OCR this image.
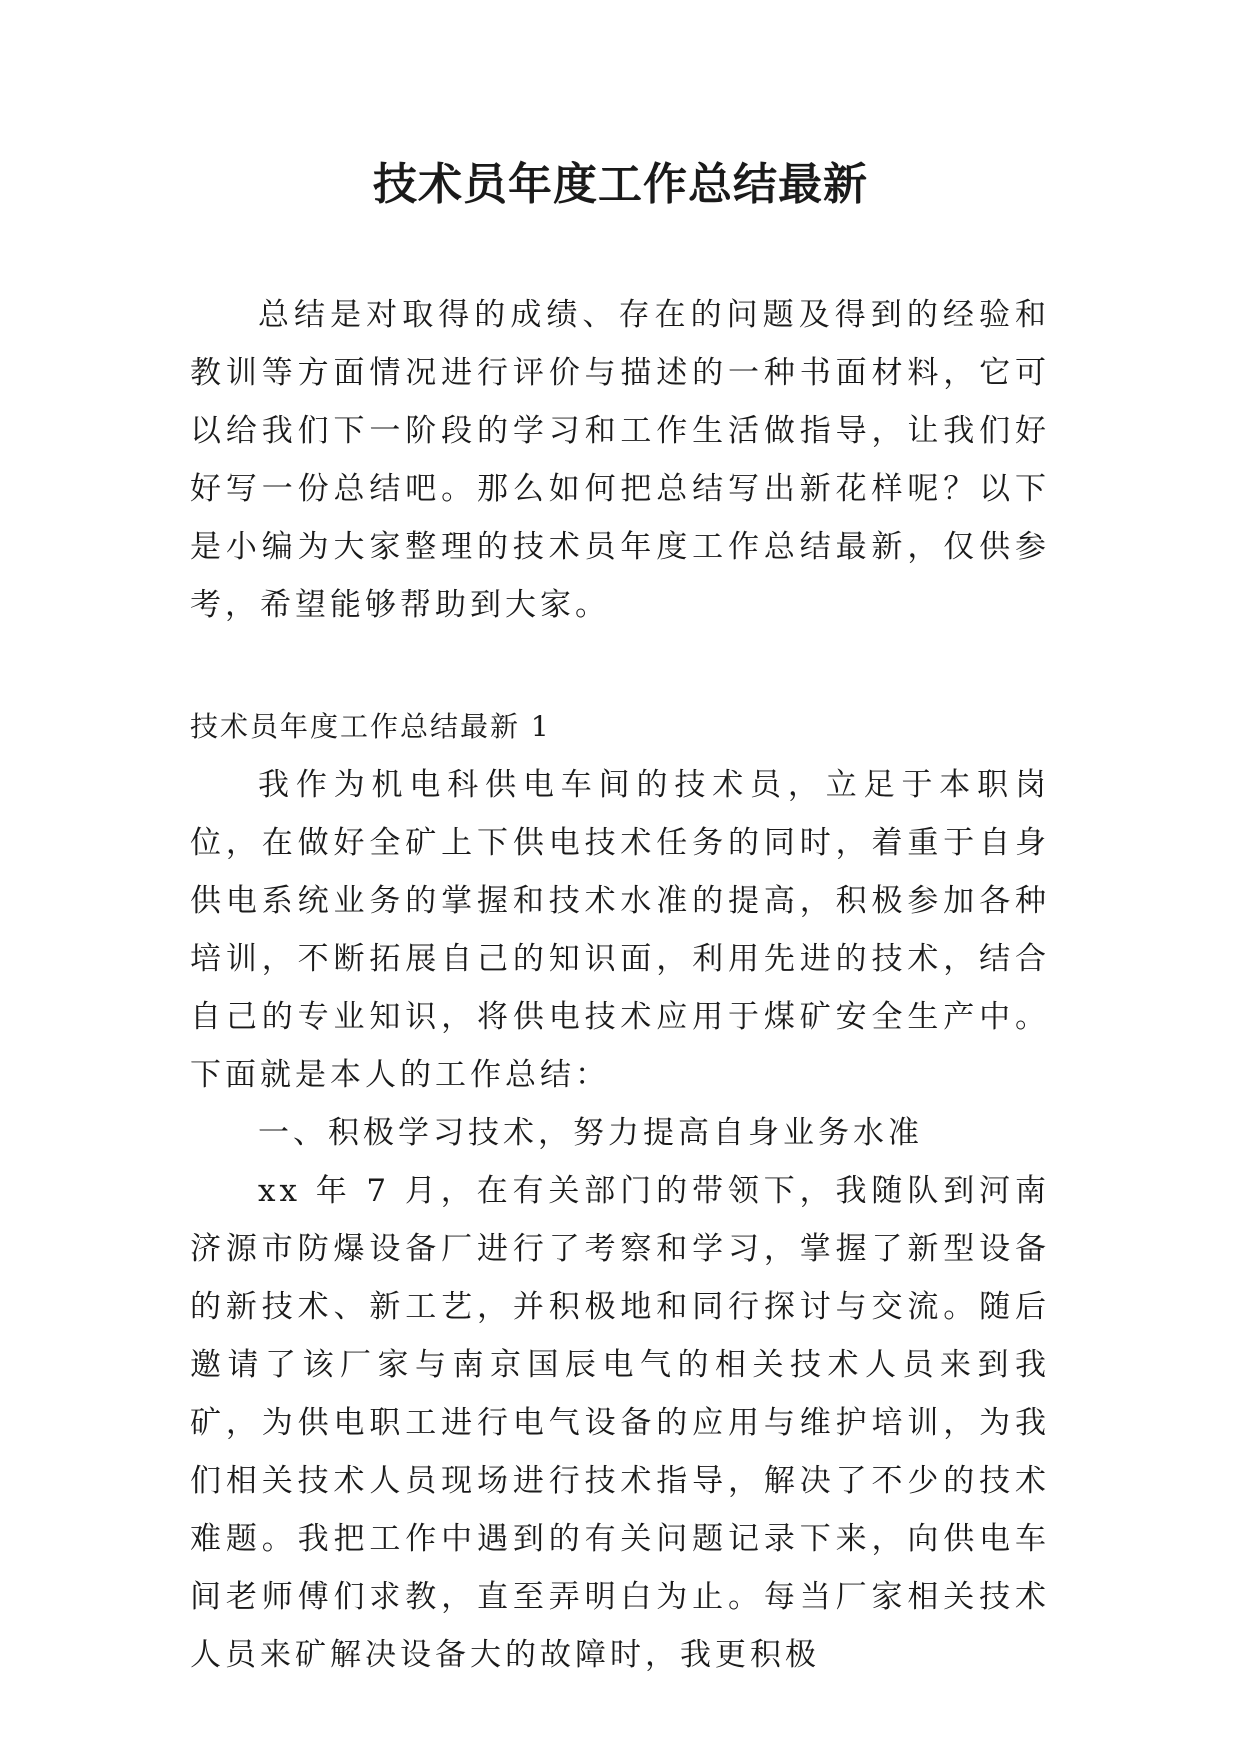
技术员年度工作总结最新

总结是对取得的成绩、存在的问题及得到的经验和教训等方面情况进行评价与描述的一种书面材料，它可以给我们下一阶段的学习和工作生活做指导，让我们好好写一份总结吧。那么如何把总结写出新花样呢？以下是小编为大家整理的技术员年度工作总结最新，仅供参考，希望能够帮助到大家。

技术员年度工作总结最新 1

我作为机电科供电车间的技术员，立足于本职岗位，在做好全矿上下供电技术任务的同时，着重于自身供电系统业务的掌握和技术水准的提高，积极参加各种培训，不断拓展自己的知识面，利用先进的技术，结合自己的专业知识，将供电技术应用于煤矿安全生产中。下面就是本人的工作总结：

一、积极学习技术，努力提高自身业务水准

xx 年 7 月，在有关部门的带领下，我随队到河南济源市防爆设备厂进行了考察和学习，掌握了新型设备的新技术、新工艺，并积极地和同行探讨与交流。随后邀请了该厂家与南京国辰电气的相关技术人员来到我矿，为供电职工进行电气设备的应用与维护培训，为我们相关技术人员现场进行技术指导，解决了不少的技术难题。我把工作中遇到的有关问题记录下来，向供电车间老师傅们求教，直至弄明白为止。每当厂家相关技术人员来矿解决设备大的故障时，我更积极
